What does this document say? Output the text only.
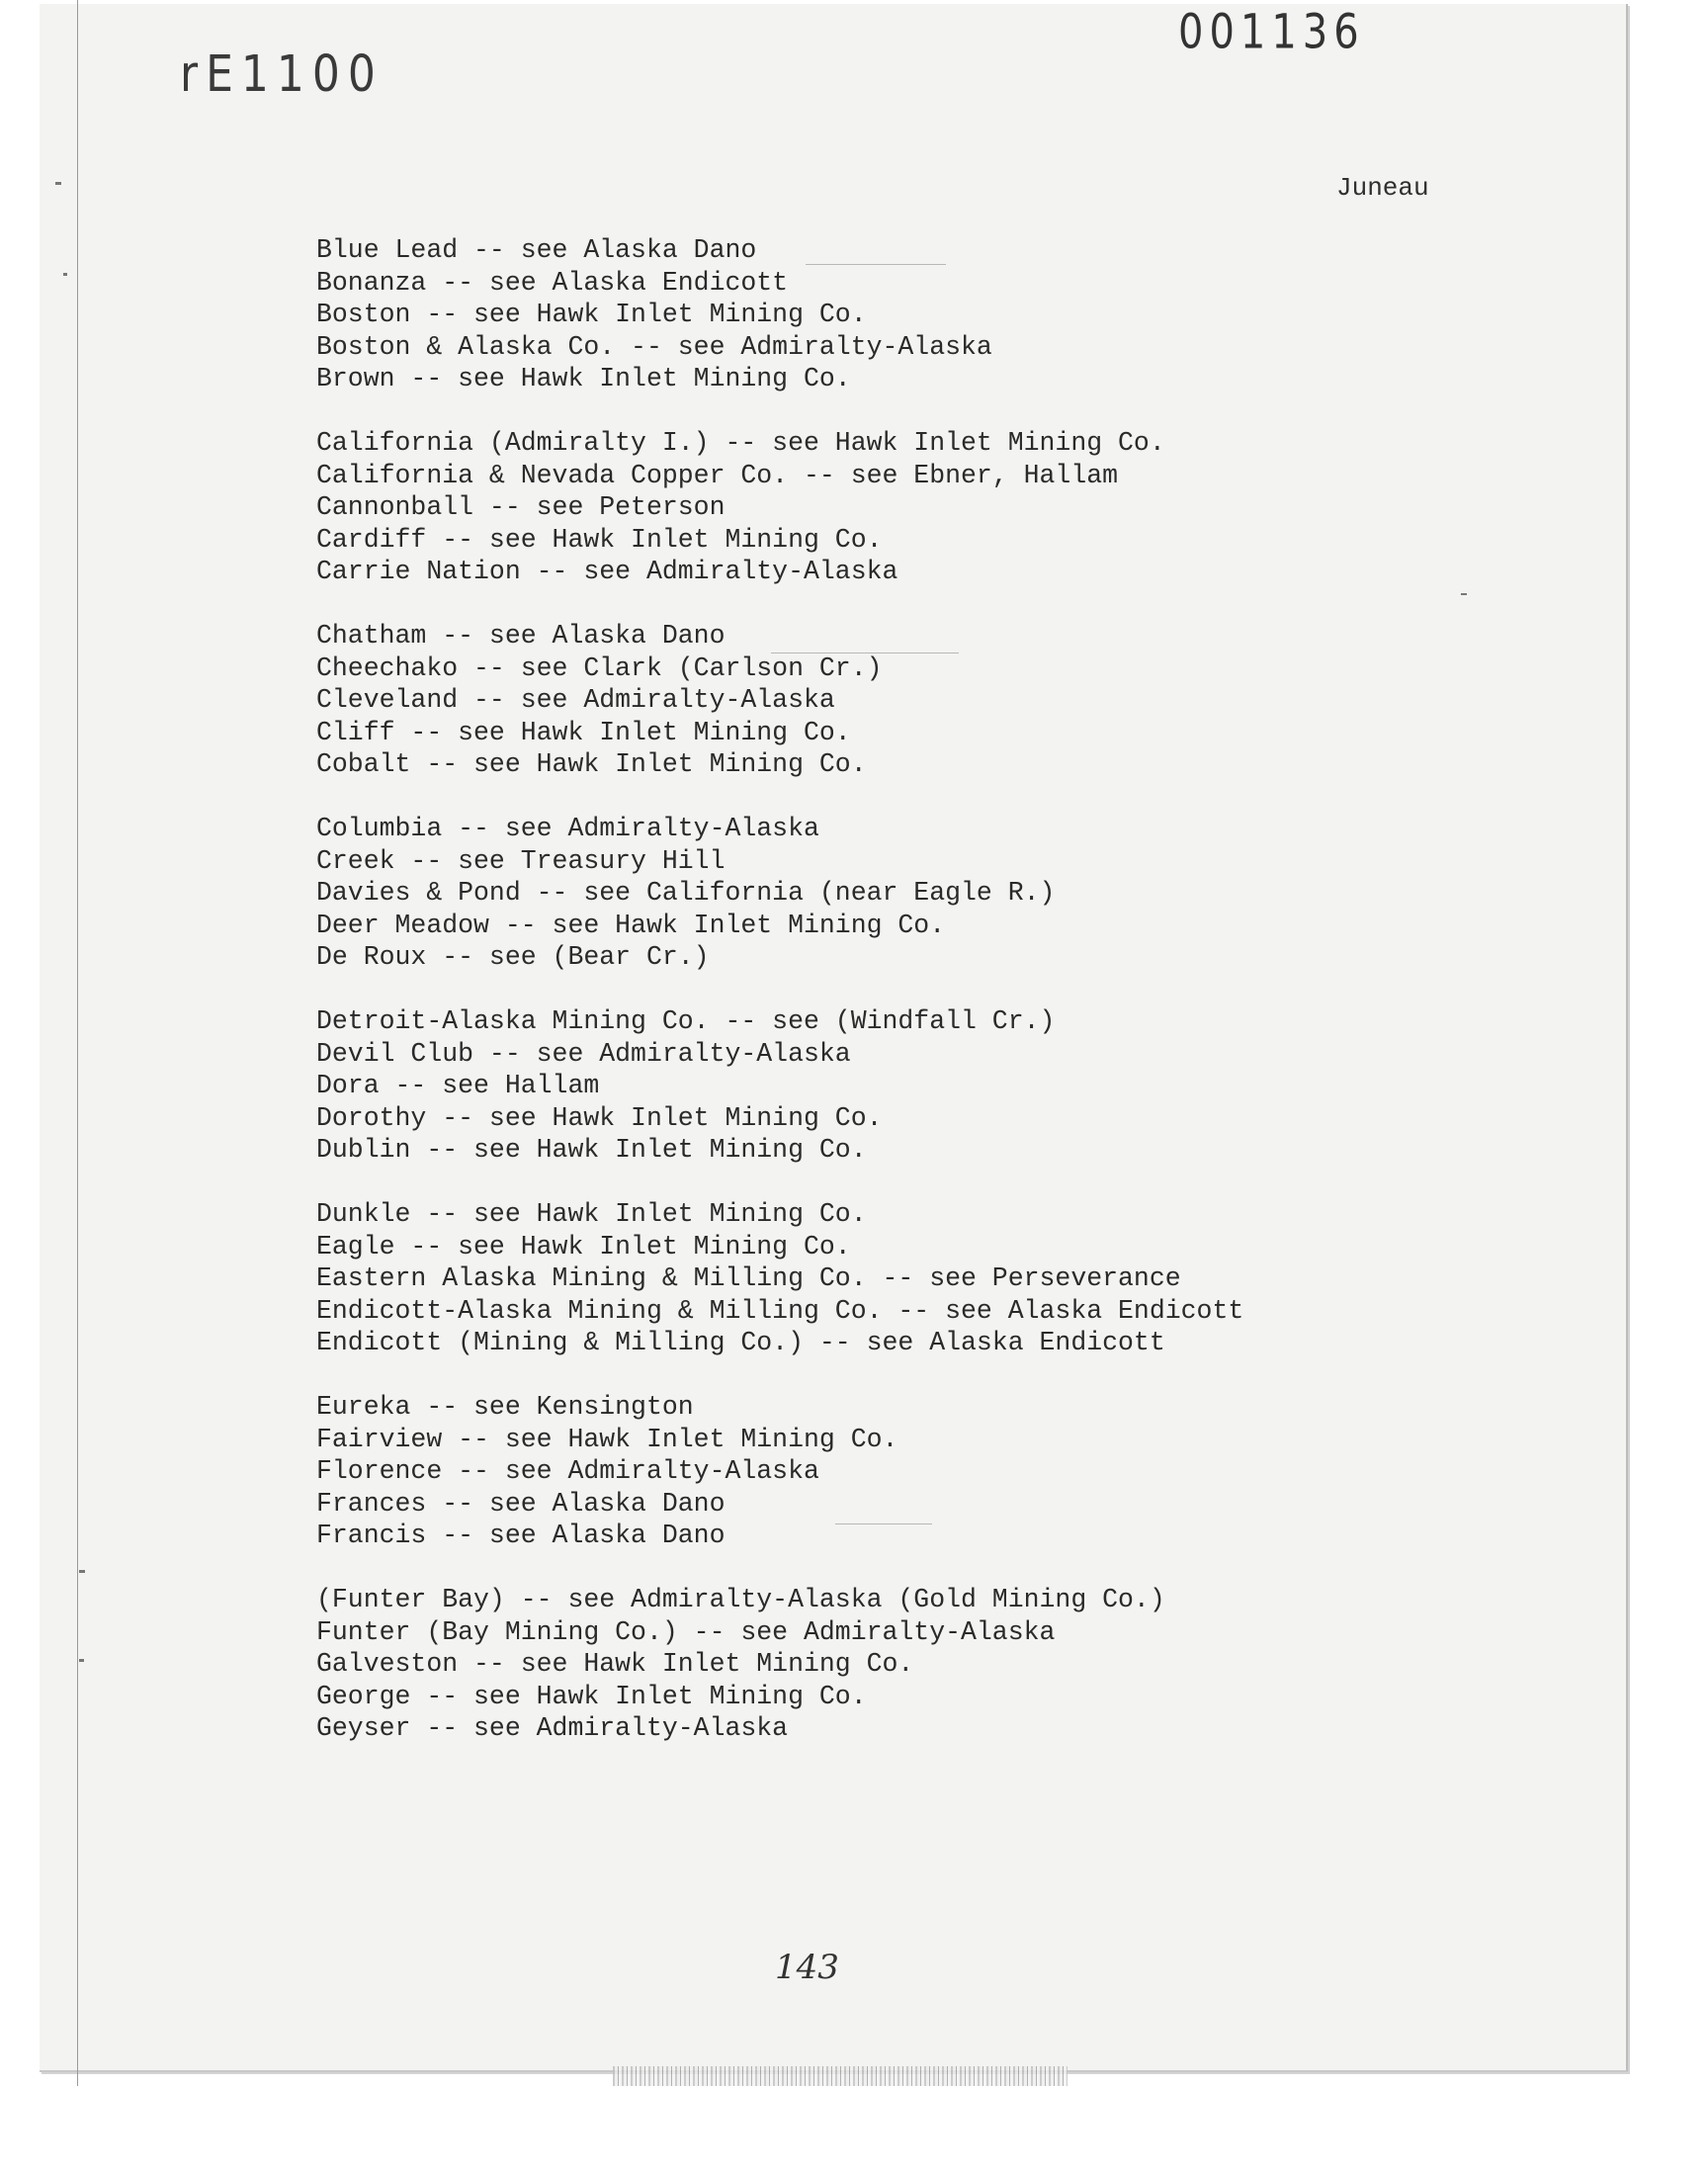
rE1100
001136
Juneau
Blue Lead -- see Alaska Dano
Bonanza -- see Alaska Endicott
Boston -- see Hawk Inlet Mining Co.
Boston & Alaska Co. -- see Admiralty-Alaska
Brown -- see Hawk Inlet Mining Co.
California (Admiralty I.) -- see Hawk Inlet Mining Co.
California & Nevada Copper Co. -- see Ebner, Hallam
Cannonball -- see Peterson
Cardiff -- see Hawk Inlet Mining Co.
Carrie Nation -- see Admiralty-Alaska
Chatham -- see Alaska Dano
Cheechako -- see Clark (Carlson Cr.)
Cleveland -- see Admiralty-Alaska
Cliff -- see Hawk Inlet Mining Co.
Cobalt -- see Hawk Inlet Mining Co.
Columbia -- see Admiralty-Alaska
Creek -- see Treasury Hill
Davies & Pond -- see California (near Eagle R.)
Deer Meadow -- see Hawk Inlet Mining Co.
De Roux -- see (Bear Cr.)
Detroit-Alaska Mining Co. -- see (Windfall Cr.)
Devil Club -- see Admiralty-Alaska
Dora -- see Hallam
Dorothy -- see Hawk Inlet Mining Co.
Dublin -- see Hawk Inlet Mining Co.
Dunkle -- see Hawk Inlet Mining Co.
Eagle -- see Hawk Inlet Mining Co.
Eastern Alaska Mining & Milling Co. -- see Perseverance
Endicott-Alaska Mining & Milling Co. -- see Alaska Endicott
Endicott (Mining & Milling Co.) -- see Alaska Endicott
Eureka -- see Kensington
Fairview -- see Hawk Inlet Mining Co.
Florence -- see Admiralty-Alaska
Frances -- see Alaska Dano
Francis -- see Alaska Dano
(Funter Bay) -- see Admiralty-Alaska (Gold Mining Co.)
Funter (Bay Mining Co.) -- see Admiralty-Alaska
Galveston -- see Hawk Inlet Mining Co.
George -- see Hawk Inlet Mining Co.
Geyser -- see Admiralty-Alaska
143
